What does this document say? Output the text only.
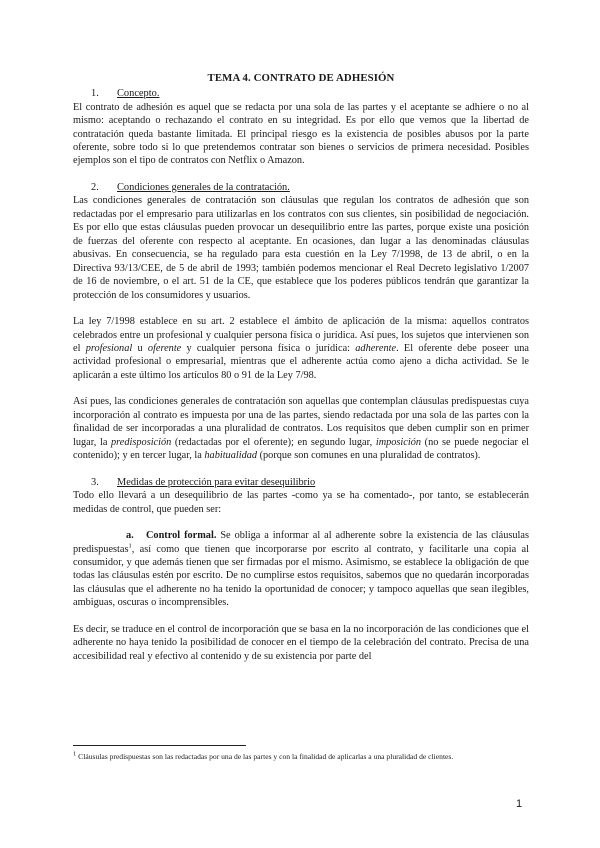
TEMA 4. CONTRATO DE ADHESIÓN
1. Concepto.

El contrato de adhesión es aquel que se redacta por una sola de las partes y el aceptante se adhiere o no al mismo: aceptando o rechazando el contrato en su integridad. Es por ello que vemos que la libertad de contratación queda bastante limitada. El principal riesgo es la existencia de posibles abusos por la parte oferente, sobre todo si lo que pretendemos contratar son bienes o servicios de primera necesidad. Posibles ejemplos son el tipo de contratos con Netflix o Amazon.

2. Condiciones generales de la contratación.

Las condiciones generales de contratación son cláusulas que regulan los contratos de adhesión que son redactadas por el empresario para utilizarlas en los contratos con sus clientes, sin posibilidad de negociación. Es por ello que estas cláusulas pueden provocar un desequilibrio entre las partes, porque existe una posición de fuerzas del oferente con respecto al aceptante. En ocasiones, dan lugar a las denominadas cláusulas abusivas. En consecuencia, se ha regulado para esta cuestión en la Ley 7/1998, de 13 de abril, o en la Directiva 93/13/CEE, de 5 de abril de 1993; también podemos mencionar el Real Decreto legislativo 1/2007 de 16 de noviembre, o el art. 51 de la CE, que establece que los poderes públicos tendrán que garantizar la protección de los consumidores y usuarios.

La ley 7/1998 establece en su art. 2 establece el ámbito de aplicación de la misma: aquellos contratos celebrados entre un profesional y cualquier persona física o jurídica. Así pues, los sujetos que intervienen son el profesional u oferente y cualquier persona física o jurídica: adherente. El oferente debe poseer una actividad profesional o empresarial, mientras que el adherente actúa como ajeno a dicha actividad. Se le aplicarán a este último los artículos 80 o 91 de la Ley 7/98.

Así pues, las condiciones generales de contratación son aquellas que contemplan cláusulas predispuestas cuya incorporación al contrato es impuesta por una de las partes, siendo redactada por una sola de las partes con la finalidad de ser incorporadas a una pluralidad de contratos. Los requisitos que deben cumplir son en primer lugar, la predisposición (redactadas por el oferente); en segundo lugar, imposición (no se puede negociar el contenido); y en tercer lugar, la habitualidad (porque son comunes en una pluralidad de contratos).

3. Medidas de protección para evitar desequilibrio

Todo ello llevará a un desequilibrio de las partes -como ya se ha comentado-, por tanto, se establecerán medidas de control, que pueden ser:

a. Control formal. Se obliga a informar al al adherente sobre la existencia de las cláusulas predispuestas$^1$, así como que tienen que incorporarse por escrito al contrato, y facilitarle una copia al consumidor, y que además tienen que ser firmadas por el mismo. Asimismo, se establece la obligación de que todas las cláusulas estén por escrito. De no cumplirse estos requisitos, sabemos que no quedarán incorporadas las cláusulas que el adherente no ha tenido la oportunidad de conocer; y tampoco aquellas que sean ilegibles, ambiguas, oscuras o incomprensibles.

Es decir, se traduce en el control de incorporación que se basa en la no incorporación de las condiciones que el adherente no haya tenido la posibilidad de conocer en el tiempo de la celebración del contrato. Precisa de una accesibilidad real y efectivo al contenido y de su existencia por parte del

$^1$ Cláusulas predispuestas son las redactadas por una de las partes y con la finalidad de aplicarlas a una pluralidad de clientes.
1
